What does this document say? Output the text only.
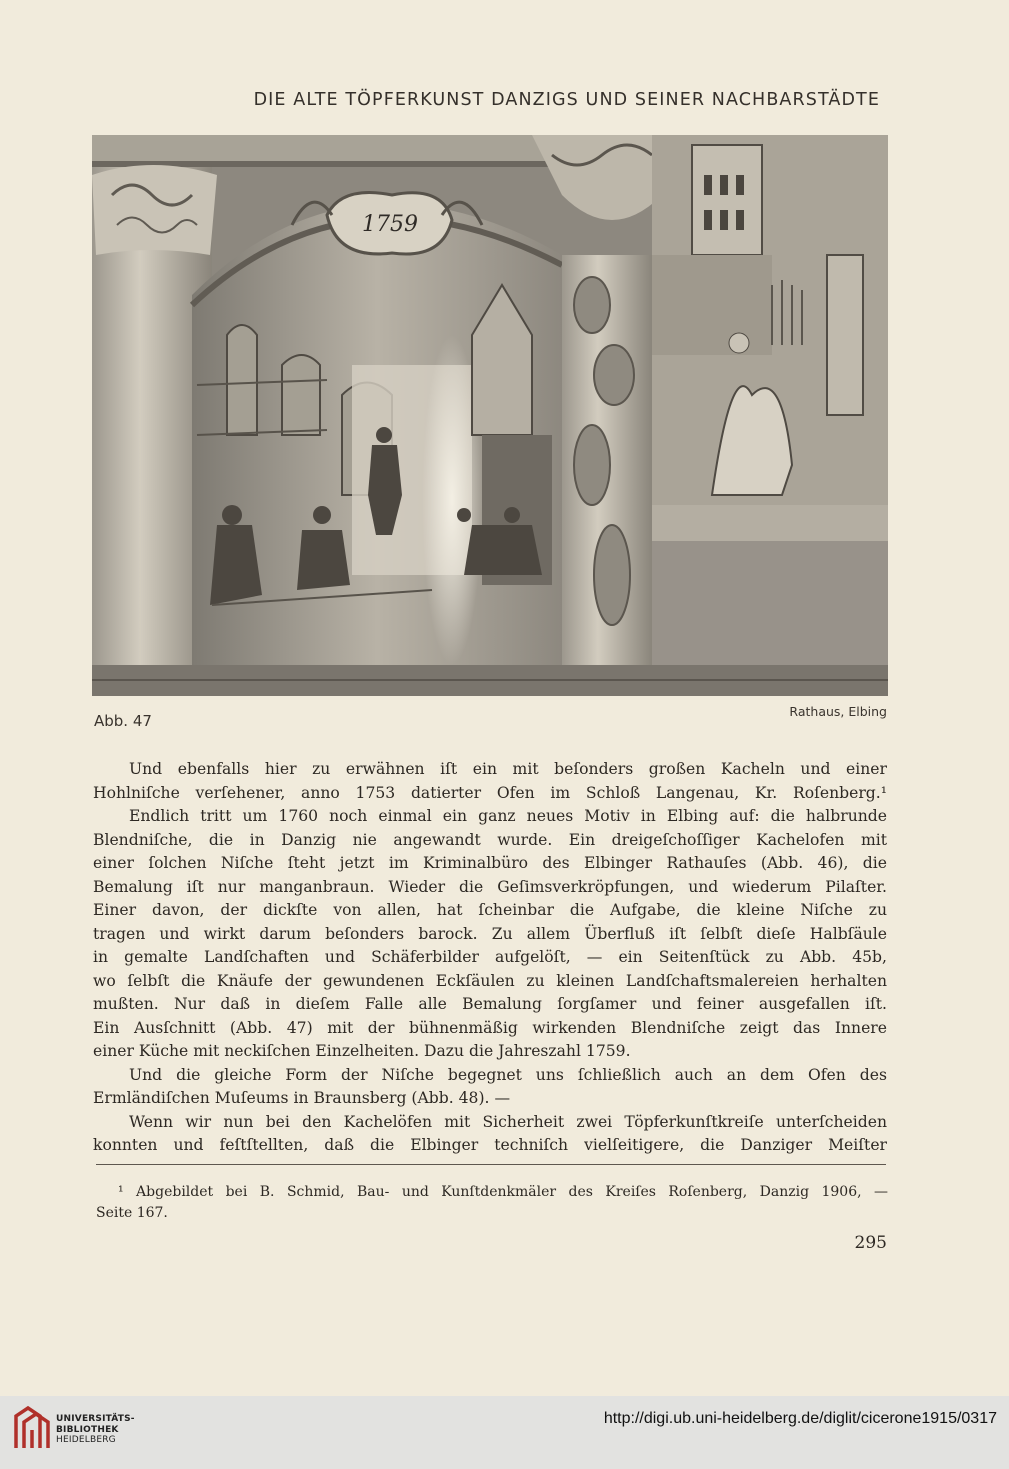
DIE ALTE TÖPFERKUNST DANZIGS UND SEINER NACHBARSTÄDTE
1759
Abb. 47
Rathaus, Elbing
Und ebenfalls hier zu erwähnen iſt ein mit beſonders großen Kacheln und einer
Hohlniſche verſehener, anno 1753 datierter Ofen im Schloß Langenau, Kr. Roſenberg.¹
Endlich tritt um 1760 noch einmal ein ganz neues Motiv in Elbing auf: die halbrunde
Blendniſche, die in Danzig nie angewandt wurde. Ein dreigeſchoſſiger Kachelofen mit
einer ſolchen Niſche ſteht jetzt im Kriminalbüro des Elbinger Rathauſes (Abb. 46), die
Bemalung iſt nur manganbraun. Wieder die Geſimsverkröpfungen, und wiederum Pilaſter.
Einer davon, der dickſte von allen, hat ſcheinbar die Aufgabe, die kleine Niſche zu
tragen und wirkt darum beſonders barock. Zu allem Überfluß iſt ſelbſt dieſe Halbſäule
in gemalte Landſchaften und Schäferbilder aufgelöſt, — ein Seitenſtück zu Abb. 45b,
wo ſelbſt die Knäufe der gewundenen Eckſäulen zu kleinen Landſchaftsmalereien herhalten
mußten. Nur daß in dieſem Falle alle Bemalung ſorgſamer und feiner ausgefallen iſt.
Ein Ausſchnitt (Abb. 47) mit der bühnenmäßig wirkenden Blendniſche zeigt das Innere
einer Küche mit neckiſchen Einzelheiten. Dazu die Jahreszahl 1759.
Und die gleiche Form der Niſche begegnet uns ſchließlich auch an dem Ofen des
Ermländiſchen Muſeums in Braunsberg (Abb. 48). —
Wenn wir nun bei den Kachelöfen mit Sicherheit zwei Töpferkunſtkreiſe unterſcheiden
konnten und feſtſtellten, daß die Elbinger techniſch vielſeitigere, die Danziger Meiſter
¹ Abgebildet bei B. Schmid, Bau- und Kunſtdenkmäler des Kreiſes Roſenberg, Danzig 1906, —
Seite 167.
295
UNIVERSITÄTS-
BIBLIOTHEK
HEIDELBERG
http://digi.ub.uni-heidelberg.de/diglit/cicerone1915/0317
